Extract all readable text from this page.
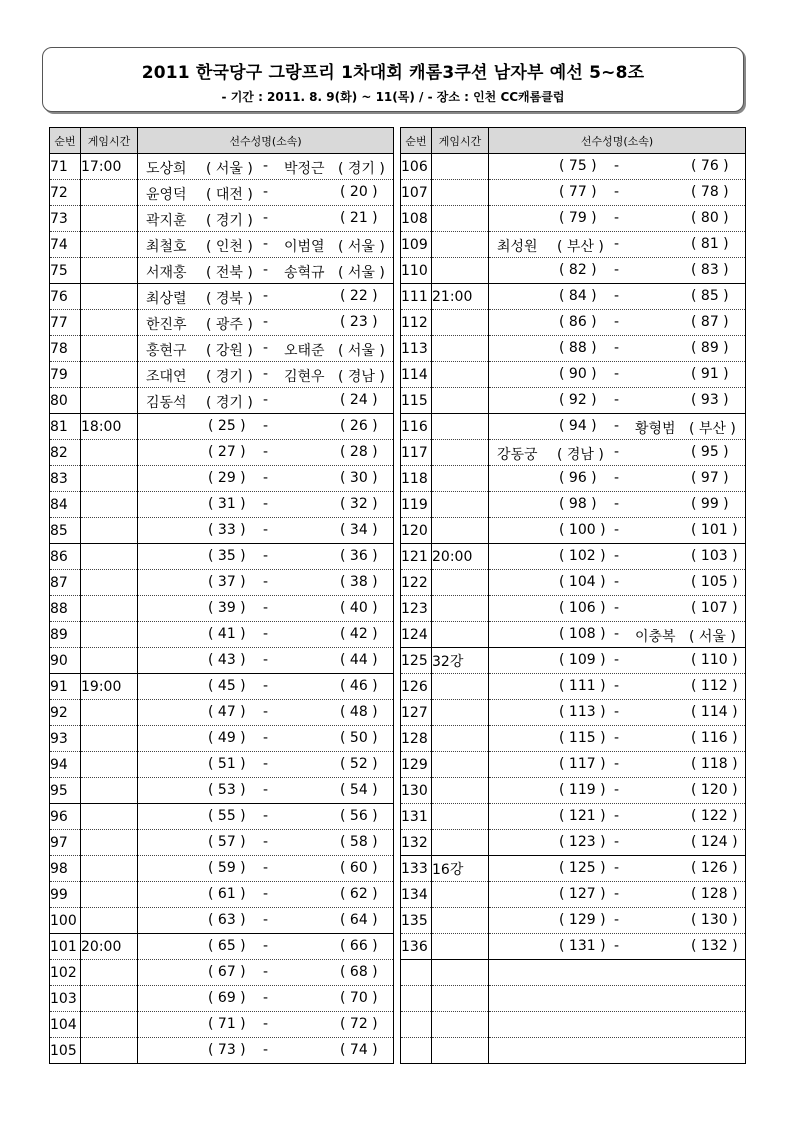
2011 한국당구 그랑프리 1차대회 캐롬3쿠션 남자부 예선 5~8조
- 기간 : 2011. 8. 9(화) ~ 11(목) / - 장소 : 인천 CC캐롬클럽
순번	게임시간	선수성명(소속)
71	17:00	도상희 ( 서울 ) - 박정근 ( 경기 )

72		윤영덕 ( 대전 ) - ( 20 )

73		곽지훈 ( 경기 ) - ( 21 )

74		최철호 ( 인천 ) - 이범열 ( 서울 )

75		서재홍 ( 전북 ) - 송혁규 ( 서울 )

76		최상렬 ( 경북 ) - ( 22 )

77		한진후 ( 광주 ) - ( 23 )

78		홍현구 ( 강원 ) - 오태준 ( 서울 )

79		조대연 ( 경기 ) - 김현우 ( 경남 )

80		김동석 ( 경기 ) - ( 24 )

81	18:00	( 25 ) - ( 26 )

82		( 27 ) - ( 28 )

83		( 29 ) - ( 30 )

84		( 31 ) - ( 32 )

85		( 33 ) - ( 34 )

86		( 35 ) - ( 36 )

87		( 37 ) - ( 38 )

88		( 39 ) - ( 40 )

89		( 41 ) - ( 42 )

90		( 43 ) - ( 44 )

91	19:00	( 45 ) - ( 46 )

92		( 47 ) - ( 48 )

93		( 49 ) - ( 50 )

94		( 51 ) - ( 52 )

95		( 53 ) - ( 54 )

96		( 55 ) - ( 56 )

97		( 57 ) - ( 58 )

98		( 59 ) - ( 60 )

99		( 61 ) - ( 62 )

100		( 63 ) - ( 64 )

101	20:00	( 65 ) - ( 66 )

102		( 67 ) - ( 68 )

103		( 69 ) - ( 70 )

104		( 71 ) - ( 72 )

105		( 73 ) - ( 74 )
순번	게임시간	선수성명(소속)
106		( 75 ) - ( 76 )

107		( 77 ) - ( 78 )

108		( 79 ) - ( 80 )

109		최성원 ( 부산 ) - ( 81 )

110		( 82 ) - ( 83 )

111	21:00	( 84 ) - ( 85 )

112		( 86 ) - ( 87 )

113		( 88 ) - ( 89 )

114		( 90 ) - ( 91 )

115		( 92 ) - ( 93 )

116		( 94 ) - 황형범 ( 부산 )

117		강동궁 ( 경남 ) - ( 95 )

118		( 96 ) - ( 97 )

119		( 98 ) - ( 99 )

120		( 100 ) - ( 101 )

121	20:00	( 102 ) - ( 103 )

122		( 104 ) - ( 105 )

123		( 106 ) - ( 107 )

124		( 108 ) - 이충복 ( 서울 )

125	32강	( 109 ) - ( 110 )

126		( 111 ) - ( 112 )

127		( 113 ) - ( 114 )

128		( 115 ) - ( 116 )

129		( 117 ) - ( 118 )

130		( 119 ) - ( 120 )

131		( 121 ) - ( 122 )

132		( 123 ) - ( 124 )

133	16강	( 125 ) - ( 126 )

134		( 127 ) - ( 128 )

135		( 129 ) - ( 130 )

136		( 131 ) - ( 132 )
